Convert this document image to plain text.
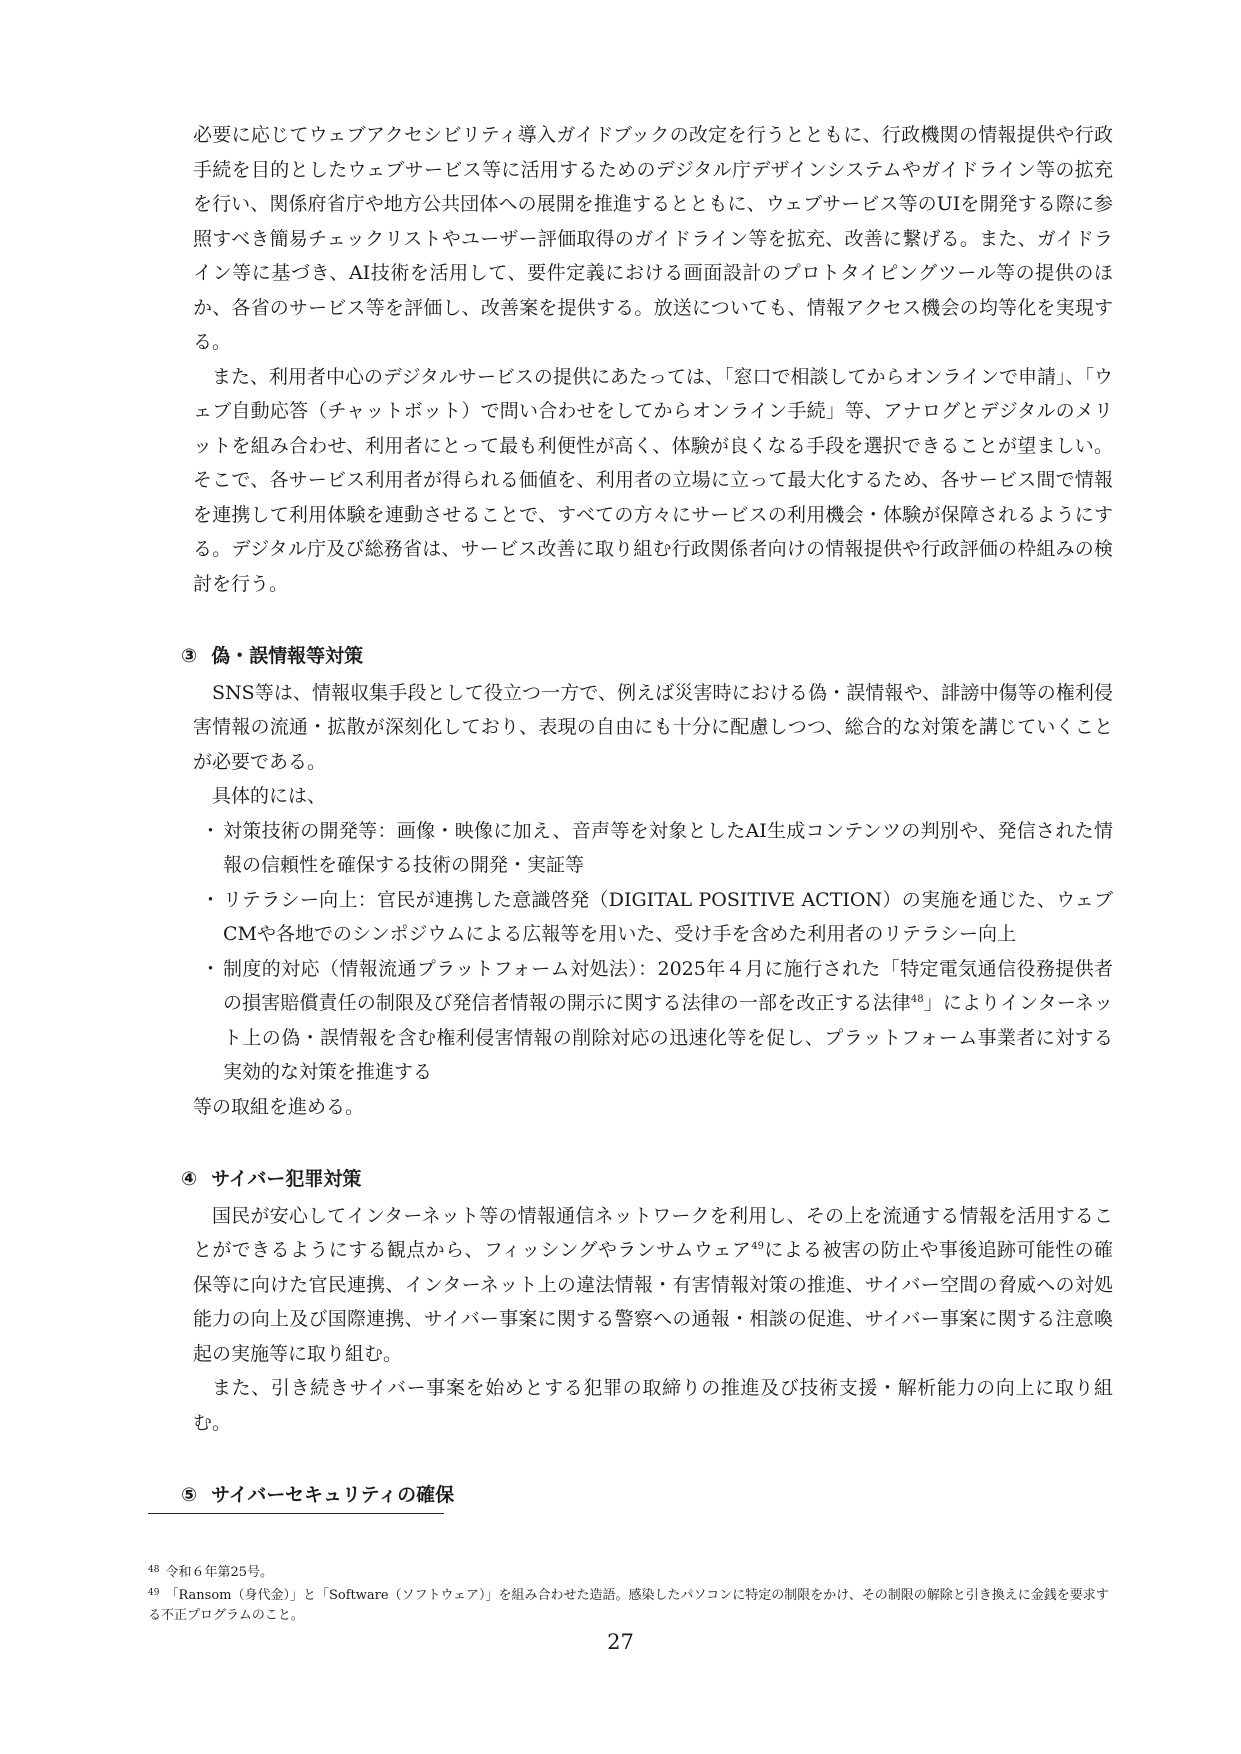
必要に応じてウェブアクセシビリティ導入ガイドブックの改定を行うとともに、行政機関の情報提供や行政手続を目的としたウェブサービス等に活用するためのデジタル庁デザインシステムやガイドライン等の拡充を行い、関係府省庁や地方公共団体への展開を推進するとともに、ウェブサービス等のUIを開発する際に参照すべき簡易チェックリストやユーザー評価取得のガイドライン等を拡充、改善に繋げる。また、ガイドライン等に基づき、AI技術を活用して、要件定義における画面設計のプロトタイピングツール等の提供のほか、各省のサービス等を評価し、改善案を提供する。放送についても、情報アクセス機会の均等化を実現する。

また、利用者中心のデジタルサービスの提供にあたっては、「窓口で相談してからオンラインで申請」、「ウェブ自動応答（チャットボット）で問い合わせをしてからオンライン手続」等、アナログとデジタルのメリットを組み合わせ、利用者にとって最も利便性が高く、体験が良くなる手段を選択できることが望ましい。そこで、各サービス利用者が得られる価値を、利用者の立場に立って最大化するため、各サービス間で情報を連携して利用体験を連動させることで、すべての方々にサービスの利用機会・体験が保障されるようにする。デジタル庁及び総務省は、サービス改善に取り組む行政関係者向けの情報提供や行政評価の枠組みの検討を行う。

③ 偽・誤情報等対策

SNS等は、情報収集手段として役立つ一方で、例えば災害時における偽・誤情報や、誹謗中傷等の権利侵害情報の流通・拡散が深刻化しており、表現の自由にも十分に配慮しつつ、総合的な対策を講じていくことが必要である。

具体的には、

・ 対策技術の開発等：画像・映像に加え、音声等を対象としたAI生成コンテンツの判別や、発信された情報の信頼性を確保する技術の開発・実証等
・ リテラシー向上：官民が連携した意識啓発（DIGITAL POSITIVE ACTION）の実施を通じた、ウェブCMや各地でのシンポジウムによる広報等を用いた、受け手を含めた利用者のリテラシー向上
・ 制度的対応（情報流通プラットフォーム対処法）：2025年４月に施行された「特定電気通信役務提供者の損害賠償責任の制限及び発信者情報の開示に関する法律の一部を改正する法律$^{48}$」によりインターネット上の偽・誤情報を含む権利侵害情報の削除対応の迅速化等を促し、プラットフォーム事業者に対する実効的な対策を推進する

等の取組を進める。

④ サイバー犯罪対策

国民が安心してインターネット等の情報通信ネットワークを利用し、その上を流通する情報を活用することができるようにする観点から、フィッシングやランサムウェア$^{49}$による被害の防止や事後追跡可能性の確保等に向けた官民連携、インターネット上の違法情報・有害情報対策の推進、サイバー空間の脅威への対処能力の向上及び国際連携、サイバー事案に関する警察への通報・相談の促進、サイバー事案に関する注意喚起の実施等に取り組む。

また、引き続きサイバー事案を始めとする犯罪の取締りの推進及び技術支援・解析能力の向上に取り組む。

⑤ サイバーセキュリティの確保

$^{48}$ 令和６年第25号。

$^{49}$ 「Ransom（身代金）」と「Software（ソフトウェア）」を組み合わせた造語。感染したパソコンに特定の制限をかけ、その制限の解除と引き換えに金銭を要求する不正プログラムのこと。

27
